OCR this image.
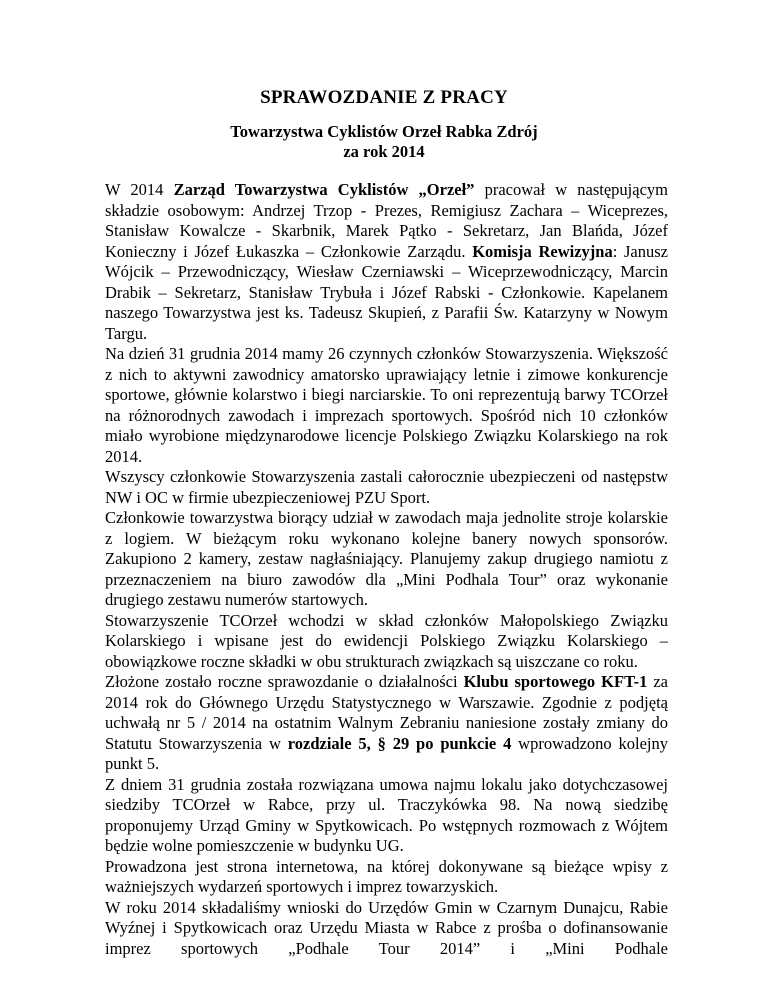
SPRAWOZDANIE Z PRACY
Towarzystwa Cyklistów Orzeł Rabka Zdrój
za rok 2014

W 2014 Zarząd Towarzystwa Cyklistów „Orzeł” pracował w następującym składzie osobowym: Andrzej Trzop - Prezes, Remigiusz Zachara – Wiceprezes, Stanisław Kowalcze - Skarbnik, Marek Pątko - Sekretarz, Jan Blańda, Józef Konieczny i Józef Łukaszka – Członkowie Zarządu. Komisja Rewizyjna: Janusz Wójcik – Przewodniczący, Wiesław Czerniawski – Wiceprzewodniczący, Marcin Drabik – Sekretarz, Stanisław Trybuła i Józef Rabski - Członkowie. Kapelanem naszego Towarzystwa jest ks. Tadeusz Skupień, z Parafii Św. Katarzyny w Nowym Targu.

Na dzień 31 grudnia 2014 mamy 26 czynnych członków Stowarzyszenia. Większość z nich to aktywni zawodnicy amatorsko uprawiający letnie i zimowe konkurencje sportowe, głównie kolarstwo i biegi narciarskie. To oni reprezentują barwy TCOrzeł na różnorodnych zawodach i imprezach sportowych. Spośród nich 10 członków miało wyrobione międzynarodowe licencje Polskiego Związku Kolarskiego na rok 2014.

Wszyscy członkowie Stowarzyszenia zastali całorocznie ubezpieczeni od następstw NW i OC w firmie ubezpieczeniowej PZU Sport.

Członkowie towarzystwa biorący udział w zawodach maja jednolite stroje kolarskie z logiem. W bieżącym roku wykonano kolejne banery nowych sponsorów. Zakupiono 2 kamery, zestaw nagłaśniający. Planujemy zakup drugiego namiotu z przeznaczeniem na biuro zawodów dla „Mini Podhala Tour” oraz wykonanie drugiego zestawu numerów startowych.

Stowarzyszenie TCOrzeł wchodzi w skład członków Małopolskiego Związku Kolarskiego i wpisane jest do ewidencji Polskiego Związku Kolarskiego – obowiązkowe roczne składki w obu strukturach związkach są uiszczane co roku.

Złożone zostało roczne sprawozdanie o działalności Klubu sportowego KFT-1 za 2014 rok do Głównego Urzędu Statystycznego w Warszawie. Zgodnie z podjętą uchwałą nr 5 / 2014 na ostatnim Walnym Zebraniu naniesione zostały zmiany do Statutu Stowarzyszenia w rozdziale 5, § 29 po punkcie 4 wprowadzono kolejny punkt 5.

Z dniem 31 grudnia została rozwiązana umowa najmu lokalu jako dotychczasowej siedziby TCOrzeł w Rabce, przy ul. Traczykówka 98. Na nową siedzibę proponujemy Urząd Gminy w Spytkowicach. Po wstępnych rozmowach z Wójtem będzie wolne pomieszczenie w budynku UG.

Prowadzona jest strona internetowa, na której dokonywane są bieżące wpisy z ważniejszych wydarzeń sportowych i imprez towarzyskich.

W roku 2014 składaliśmy wnioski do Urzędów Gmin w Czarnym Dunajcu, Rabie Wyźnej i Spytkowicach oraz Urzędu Miasta w Rabce z prośba o dofinansowanie imprez sportowych „Podhale Tour 2014” i „Mini Podhale
